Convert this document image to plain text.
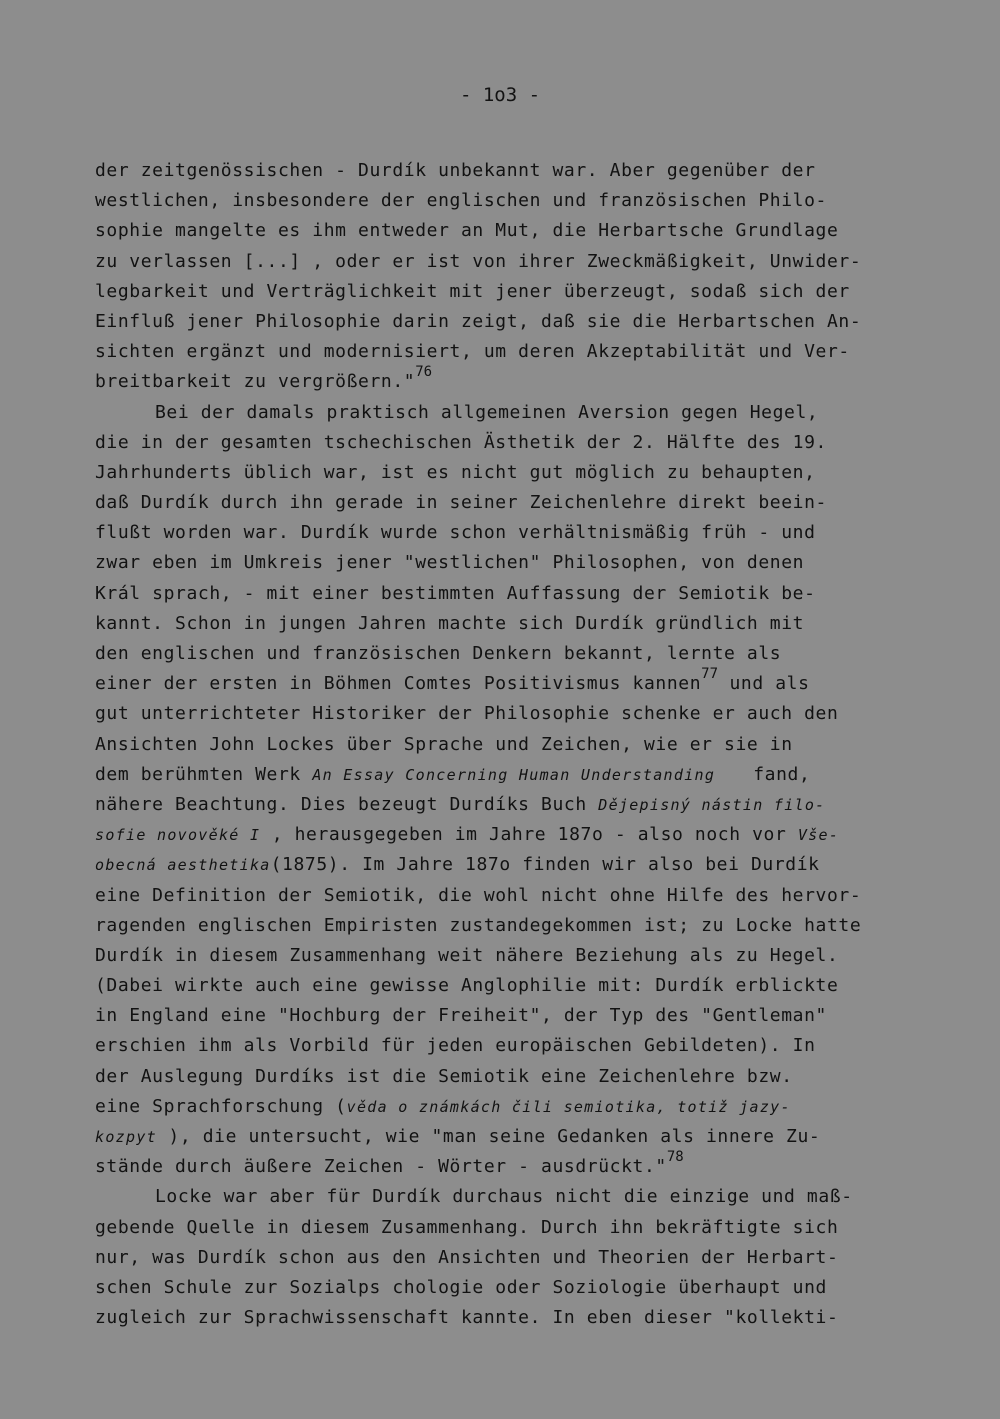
- 1o3 -
der zeitgenössischen - Durdík unbekannt war. Aber gegenüber der
westlichen, insbesondere der englischen und französischen Philo-
sophie mangelte es ihm entweder an Mut, die Herbartsche Grundlage
zu verlassen [...] , oder er ist von ihrer Zweckmäßigkeit, Unwider-
legbarkeit und Verträglichkeit mit jener überzeugt, sodaß sich der
Einfluß jener Philosophie darin zeigt, daß sie die Herbartschen An-
sichten ergänzt und modernisiert, um deren Akzeptabilität und Ver-
breitbarkeit zu vergrößern."$^{76}$
Bei der damals praktisch allgemeinen Aversion gegen Hegel,
die in der gesamten tschechischen Ästhetik der 2. Hälfte des 19.
Jahrhunderts üblich war, ist es nicht gut möglich zu behaupten,
daß Durdík durch ihn gerade in seiner Zeichenlehre direkt beein-
flußt worden war. Durdík wurde schon verhältnismäßig früh - und
zwar eben im Umkreis jener "westlichen" Philosophen, von denen
Král sprach, - mit einer bestimmten Auffassung der Semiotik be-
kannt. Schon in jungen Jahren machte sich Durdík gründlich mit
den englischen und französischen Denkern bekannt, lernte als
einer der ersten in Böhmen Comtes Positivismus kannen$^{77}$ und als
gut unterrichteter Historiker der Philosophie schenke er auch den
Ansichten John Lockes über Sprache und Zeichen, wie er sie in
dem berühmten Werk An Essay Concerning Human Understanding fand,
nähere Beachtung. Dies bezeugt Durdíks Buch Dějepisný nástin filo-
sofie novověké I , herausgegeben im Jahre 187o - also noch vor Vše-
obecná aesthetika(1875). Im Jahre 187o finden wir also bei Durdík
eine Definition der Semiotik, die wohl nicht ohne Hilfe des hervor-
ragenden englischen Empiristen zustandegekommen ist; zu Locke hatte
Durdík in diesem Zusammenhang weit nähere Beziehung als zu Hegel.
(Dabei wirkte auch eine gewisse Anglophilie mit: Durdík erblickte
in England eine "Hochburg der Freiheit", der Typ des "Gentleman"
erschien ihm als Vorbild für jeden europäischen Gebildeten). In
der Auslegung Durdíks ist die Semiotik eine Zeichenlehre bzw.
eine Sprachforschung (věda o známkách čili semiotika, totiž jazy-
kozpyt ), die untersucht, wie "man seine Gedanken als innere Zu-
stände durch äußere Zeichen - Wörter - ausdrückt."$^{78}$
Locke war aber für Durdík durchaus nicht die einzige und maß-
gebende Quelle in diesem Zusammenhang. Durch ihn bekräftigte sich
nur, was Durdík schon aus den Ansichten und Theorien der Herbart-
schen Schule zur Sozialps chologie oder Soziologie überhaupt und
zugleich zur Sprachwissenschaft kannte. In eben dieser "kollekti-
